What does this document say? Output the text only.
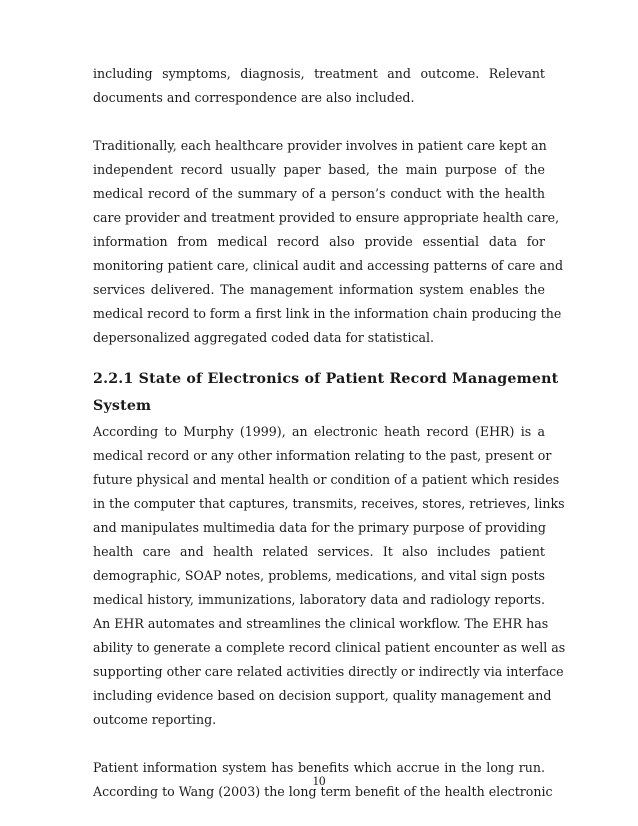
including symptoms, diagnosis, treatment and outcome. Relevant
documents and correspondence are also included.
Traditionally, each healthcare provider involves in patient care kept an
independent record usually paper based, the main purpose of the
medical record of the summary of a person’s conduct with the health
care provider and treatment provided to ensure appropriate health care,
information from medical record also provide essential data for
monitoring patient care, clinical audit and accessing patterns of care and
services delivered. The management information system enables the
medical record to form a first link in the information chain producing the
depersonalized aggregated coded data for statistical.
2.2.1 State of Electronics of Patient Record Management
System
According to Murphy (1999), an electronic heath record (EHR) is a
medical record or any other information relating to the past, present or
future physical and mental health or condition of a patient which resides
in the computer that captures, transmits, receives, stores, retrieves, links
and manipulates multimedia data for the primary purpose of providing
health care and health related services. It also includes patient
demographic, SOAP notes, problems, medications, and vital sign posts
medical history, immunizations, laboratory data and radiology reports.
An EHR automates and streamlines the clinical workflow. The EHR has
ability to generate a complete record clinical patient encounter as well as
supporting other care related activities directly or indirectly via interface
including evidence based on decision support, quality management and
outcome reporting.
Patient information system has benefits which accrue in the long run.
According to Wang (2003) the long term benefit of the health electronic
10
